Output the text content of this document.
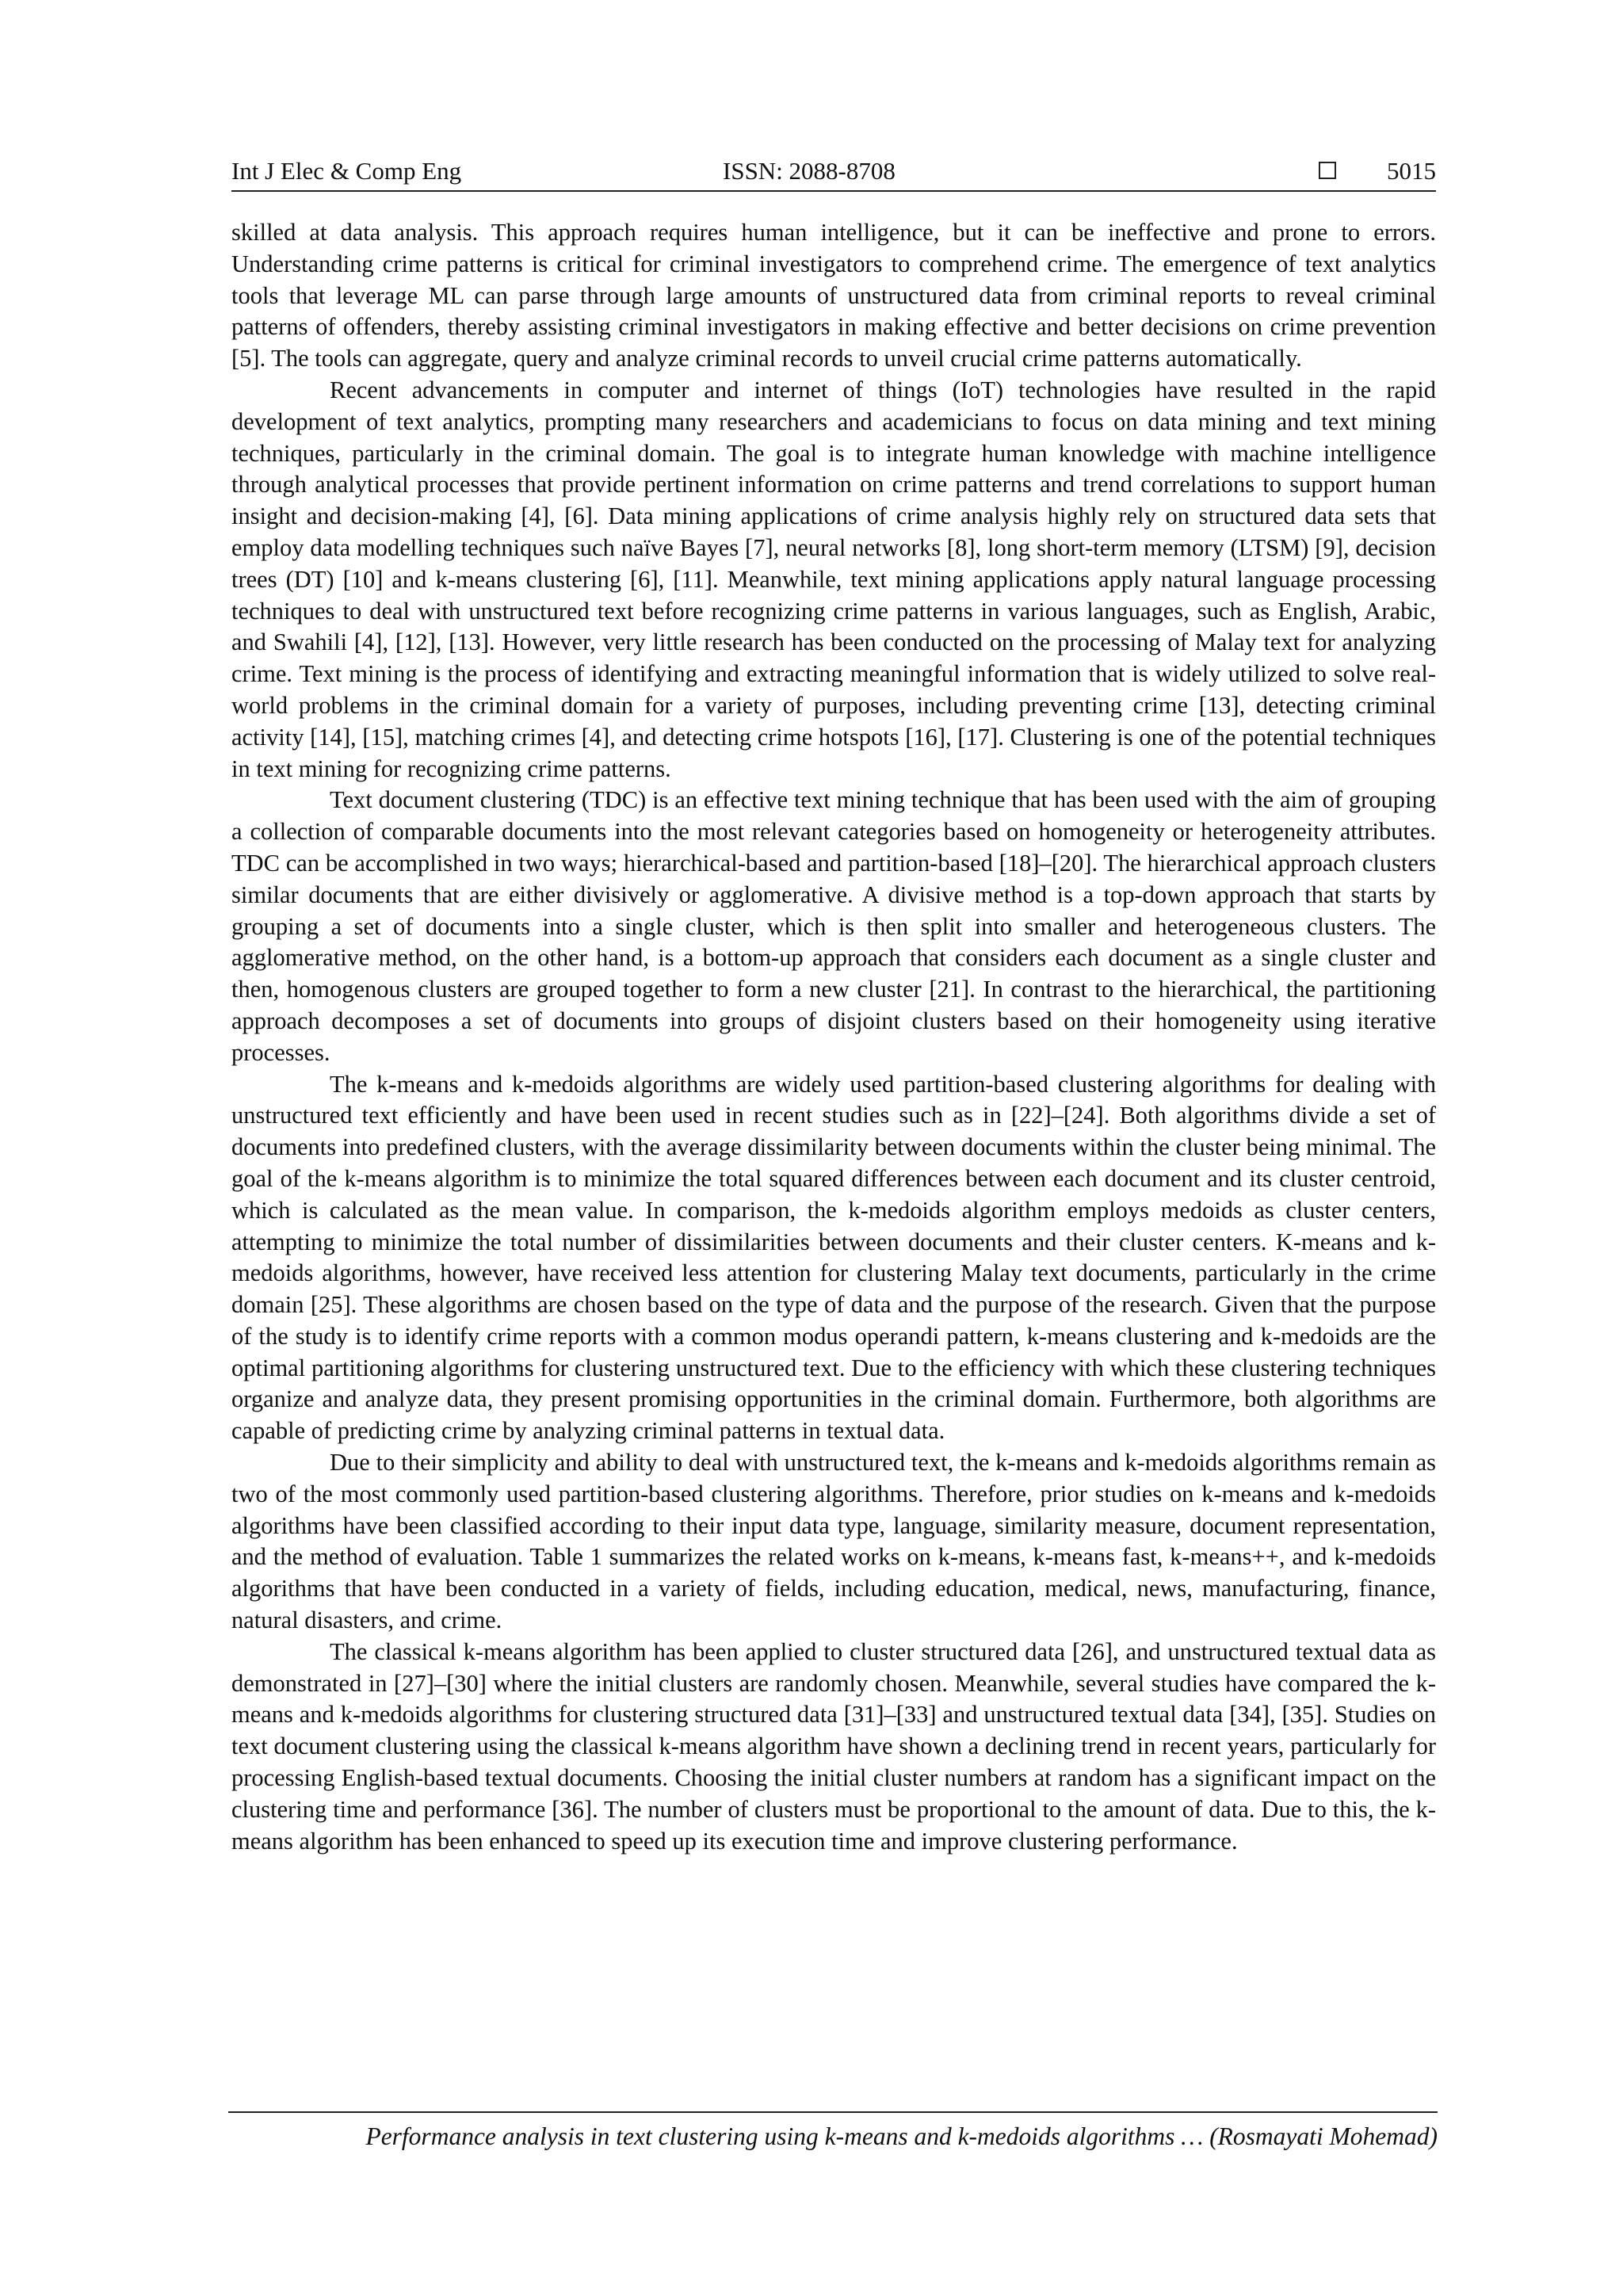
Int J Elec & Comp Eng	ISSN: 2088-8708	5015

skilled at data analysis. This approach requires human intelligence, but it can be ineffective and prone to errors. Understanding crime patterns is critical for criminal investigators to comprehend crime. The emergence of text analytics tools that leverage ML can parse through large amounts of unstructured data from criminal reports to reveal criminal patterns of offenders, thereby assisting criminal investigators in making effective and better decisions on crime prevention [5]. The tools can aggregate, query and analyze criminal records to unveil crucial crime patterns automatically.

Recent advancements in computer and internet of things (IoT) technologies have resulted in the rapid development of text analytics, prompting many researchers and academicians to focus on data mining and text mining techniques, particularly in the criminal domain. The goal is to integrate human knowledge with machine intelligence through analytical processes that provide pertinent information on crime patterns and trend correlations to support human insight and decision-making [4], [6]. Data mining applications of crime analysis highly rely on structured data sets that employ data modelling techniques such naïve Bayes [7], neural networks [8], long short-term memory (LTSM) [9], decision trees (DT) [10] and k-means clustering [6], [11]. Meanwhile, text mining applications apply natural language processing techniques to deal with unstructured text before recognizing crime patterns in various languages, such as English, Arabic, and Swahili [4], [12], [13]. However, very little research has been conducted on the processing of Malay text for analyzing crime. Text mining is the process of identifying and extracting meaningful information that is widely utilized to solve real-world problems in the criminal domain for a variety of purposes, including preventing crime [13], detecting criminal activity [14], [15], matching crimes [4], and detecting crime hotspots [16], [17]. Clustering is one of the potential techniques in text mining for recognizing crime patterns.

Text document clustering (TDC) is an effective text mining technique that has been used with the aim of grouping a collection of comparable documents into the most relevant categories based on homogeneity or heterogeneity attributes. TDC can be accomplished in two ways; hierarchical-based and partition-based [18]–[20]. The hierarchical approach clusters similar documents that are either divisively or agglomerative. A divisive method is a top-down approach that starts by grouping a set of documents into a single cluster, which is then split into smaller and heterogeneous clusters. The agglomerative method, on the other hand, is a bottom-up approach that considers each document as a single cluster and then, homogenous clusters are grouped together to form a new cluster [21]. In contrast to the hierarchical, the partitioning approach decomposes a set of documents into groups of disjoint clusters based on their homogeneity using iterative processes.

The k-means and k-medoids algorithms are widely used partition-based clustering algorithms for dealing with unstructured text efficiently and have been used in recent studies such as in [22]–[24]. Both algorithms divide a set of documents into predefined clusters, with the average dissimilarity between documents within the cluster being minimal. The goal of the k-means algorithm is to minimize the total squared differences between each document and its cluster centroid, which is calculated as the mean value. In comparison, the k-medoids algorithm employs medoids as cluster centers, attempting to minimize the total number of dissimilarities between documents and their cluster centers. K-means and k-medoids algorithms, however, have received less attention for clustering Malay text documents, particularly in the crime domain [25]. These algorithms are chosen based on the type of data and the purpose of the research. Given that the purpose of the study is to identify crime reports with a common modus operandi pattern, k-means clustering and k-medoids are the optimal partitioning algorithms for clustering unstructured text. Due to the efficiency with which these clustering techniques organize and analyze data, they present promising opportunities in the criminal domain. Furthermore, both algorithms are capable of predicting crime by analyzing criminal patterns in textual data.

Due to their simplicity and ability to deal with unstructured text, the k-means and k-medoids algorithms remain as two of the most commonly used partition-based clustering algorithms. Therefore, prior studies on k-means and k-medoids algorithms have been classified according to their input data type, language, similarity measure, document representation, and the method of evaluation. Table 1 summarizes the related works on k-means, k-means fast, k-means++, and k-medoids algorithms that have been conducted in a variety of fields, including education, medical, news, manufacturing, finance, natural disasters, and crime.

The classical k-means algorithm has been applied to cluster structured data [26], and unstructured textual data as demonstrated in [27]–[30] where the initial clusters are randomly chosen. Meanwhile, several studies have compared the k-means and k-medoids algorithms for clustering structured data [31]–[33] and unstructured textual data [34], [35]. Studies on text document clustering using the classical k-means algorithm have shown a declining trend in recent years, particularly for processing English-based textual documents. Choosing the initial cluster numbers at random has a significant impact on the clustering time and performance [36]. The number of clusters must be proportional to the amount of data. Due to this, the k-means algorithm has been enhanced to speed up its execution time and improve clustering performance.

Performance analysis in text clustering using k-means and k-medoids algorithms … (Rosmayati Mohemad)
